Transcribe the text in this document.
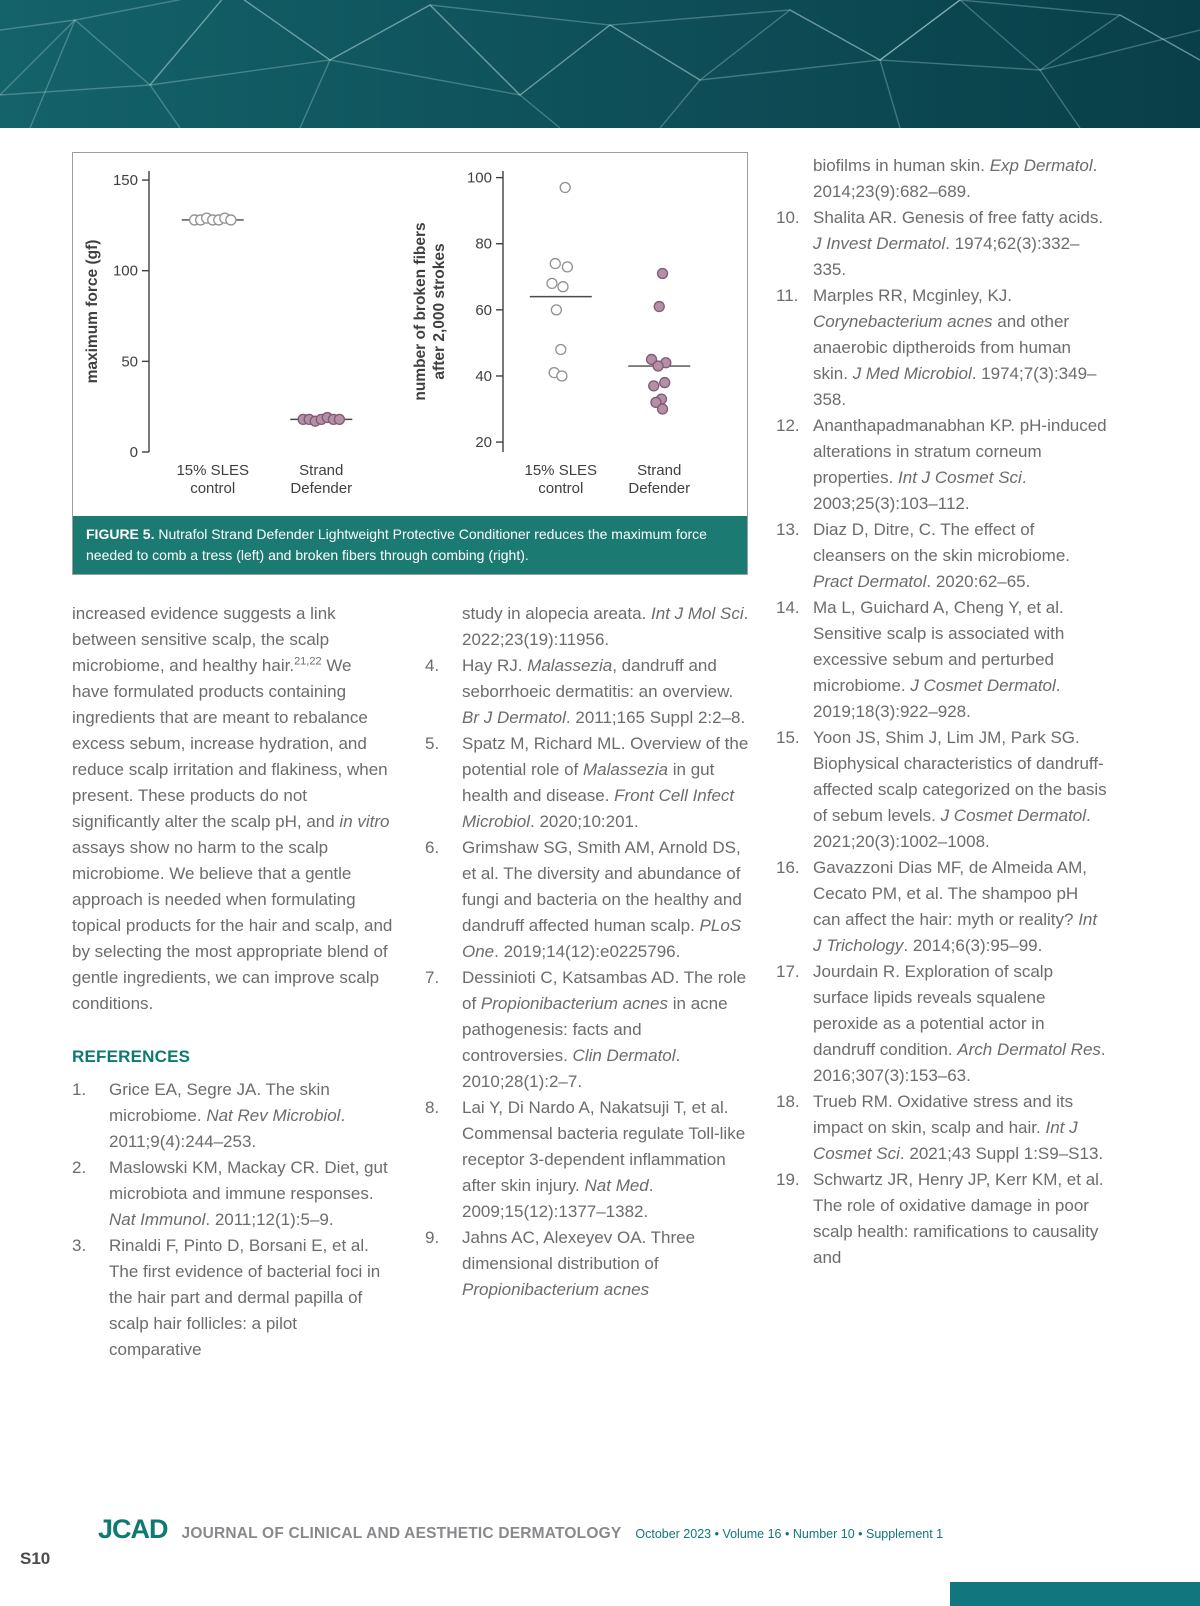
0
50
100
150
maximum force (gf)
15% SLES
control
Strand
Defender
20
40
60
80
100
number of broken fibers after 2,000 strokes
15% SLES
control
Strand
Defender
FIGURE 5. Nutrafol Strand Defender Lightweight Protective Conditioner reduces the maximum force needed to comb a tress (left) and broken fibers through combing (right).
increased evidence suggests a link between sensitive scalp, the scalp microbiome, and healthy hair.$^{21,22}$ We have formulated products containing ingredients that are meant to rebalance excess sebum, increase hydration, and reduce scalp irritation and flakiness, when present. These products do not significantly alter the scalp pH, and in vitro assays show no harm to the scalp microbiome. We believe that a gentle approach is needed when formulating topical products for the hair and scalp, and by selecting the most appropriate blend of gentle ingredients, we can improve scalp conditions.
REFERENCES
1.	Grice EA, Segre JA. The skin microbiome. Nat Rev Microbiol. 2011;9(4):244–253.
2.	Maslowski KM, Mackay CR. Diet, gut microbiota and immune responses. Nat Immunol. 2011;12(1):5–9.
3.	Rinaldi F, Pinto D, Borsani E, et al. The first evidence of bacterial foci in the hair part and dermal papilla of scalp hair follicles: a pilot comparative
study in alopecia areata. Int J Mol Sci. 2022;23(19):11956.
4.	Hay RJ. Malassezia, dandruff and seborrhoeic dermatitis: an overview. Br J Dermatol. 2011;165 Suppl 2:2–8.
5.	Spatz M, Richard ML. Overview of the potential role of Malassezia in gut health and disease. Front Cell Infect Microbiol. 2020;10:201.
6.	Grimshaw SG, Smith AM, Arnold DS, et al. The diversity and abundance of fungi and bacteria on the healthy and dandruff affected human scalp. PLoS One. 2019;14(12):e0225796.
7.	Dessinioti C, Katsambas AD. The role of Propionibacterium acnes in acne pathogenesis: facts and controversies. Clin Dermatol. 2010;28(1):2–7.
8.	Lai Y, Di Nardo A, Nakatsuji T, et al. Commensal bacteria regulate Toll-like receptor 3-dependent inflammation after skin injury. Nat Med. 2009;15(12):1377–1382.
9.	Jahns AC, Alexeyev OA. Three dimensional distribution of Propionibacterium acnes
biofilms in human skin. Exp Dermatol. 2014;23(9):682–689.
10. Shalita AR. Genesis of free fatty acids. J Invest Dermatol. 1974;62(3):332–335.
11. Marples RR, Mcginley, KJ. Corynebacterium acnes and other anaerobic diptheroids from human skin. J Med Microbiol. 1974;7(3):349–358.
12. Ananthapadmanabhan KP. pH-induced alterations in stratum corneum properties. Int J Cosmet Sci. 2003;25(3):103–112.
13. Diaz D, Ditre, C. The effect of cleansers on the skin microbiome. Pract Dermatol. 2020:62–65.
14. Ma L, Guichard A, Cheng Y, et al. Sensitive scalp is associated with excessive sebum and perturbed microbiome. J Cosmet Dermatol. 2019;18(3):922–928.
15. Yoon JS, Shim J, Lim JM, Park SG. Biophysical characteristics of dandruff-affected scalp categorized on the basis of sebum levels. J Cosmet Dermatol. 2021;20(3):1002–1008.
16. Gavazzoni Dias MF, de Almeida AM, Cecato PM, et al. The shampoo pH can affect the hair: myth or reality? Int J Trichology. 2014;6(3):95–99.
17. Jourdain R. Exploration of scalp surface lipids reveals squalene peroxide as a potential actor in dandruff condition. Arch Dermatol Res. 2016;307(3):153–63.
18. Trueb RM. Oxidative stress and its impact on skin, scalp and hair. Int J Cosmet Sci. 2021;43 Suppl 1:S9–S13.
19. Schwartz JR, Henry JP, Kerr KM, et al. The role of oxidative damage in poor scalp health: ramifications to causality and
JCAD JOURNAL OF CLINICAL AND AESTHETIC DERMATOLOGY October 2023 • Volume 16 • Number 10 • Supplement 1
S10
